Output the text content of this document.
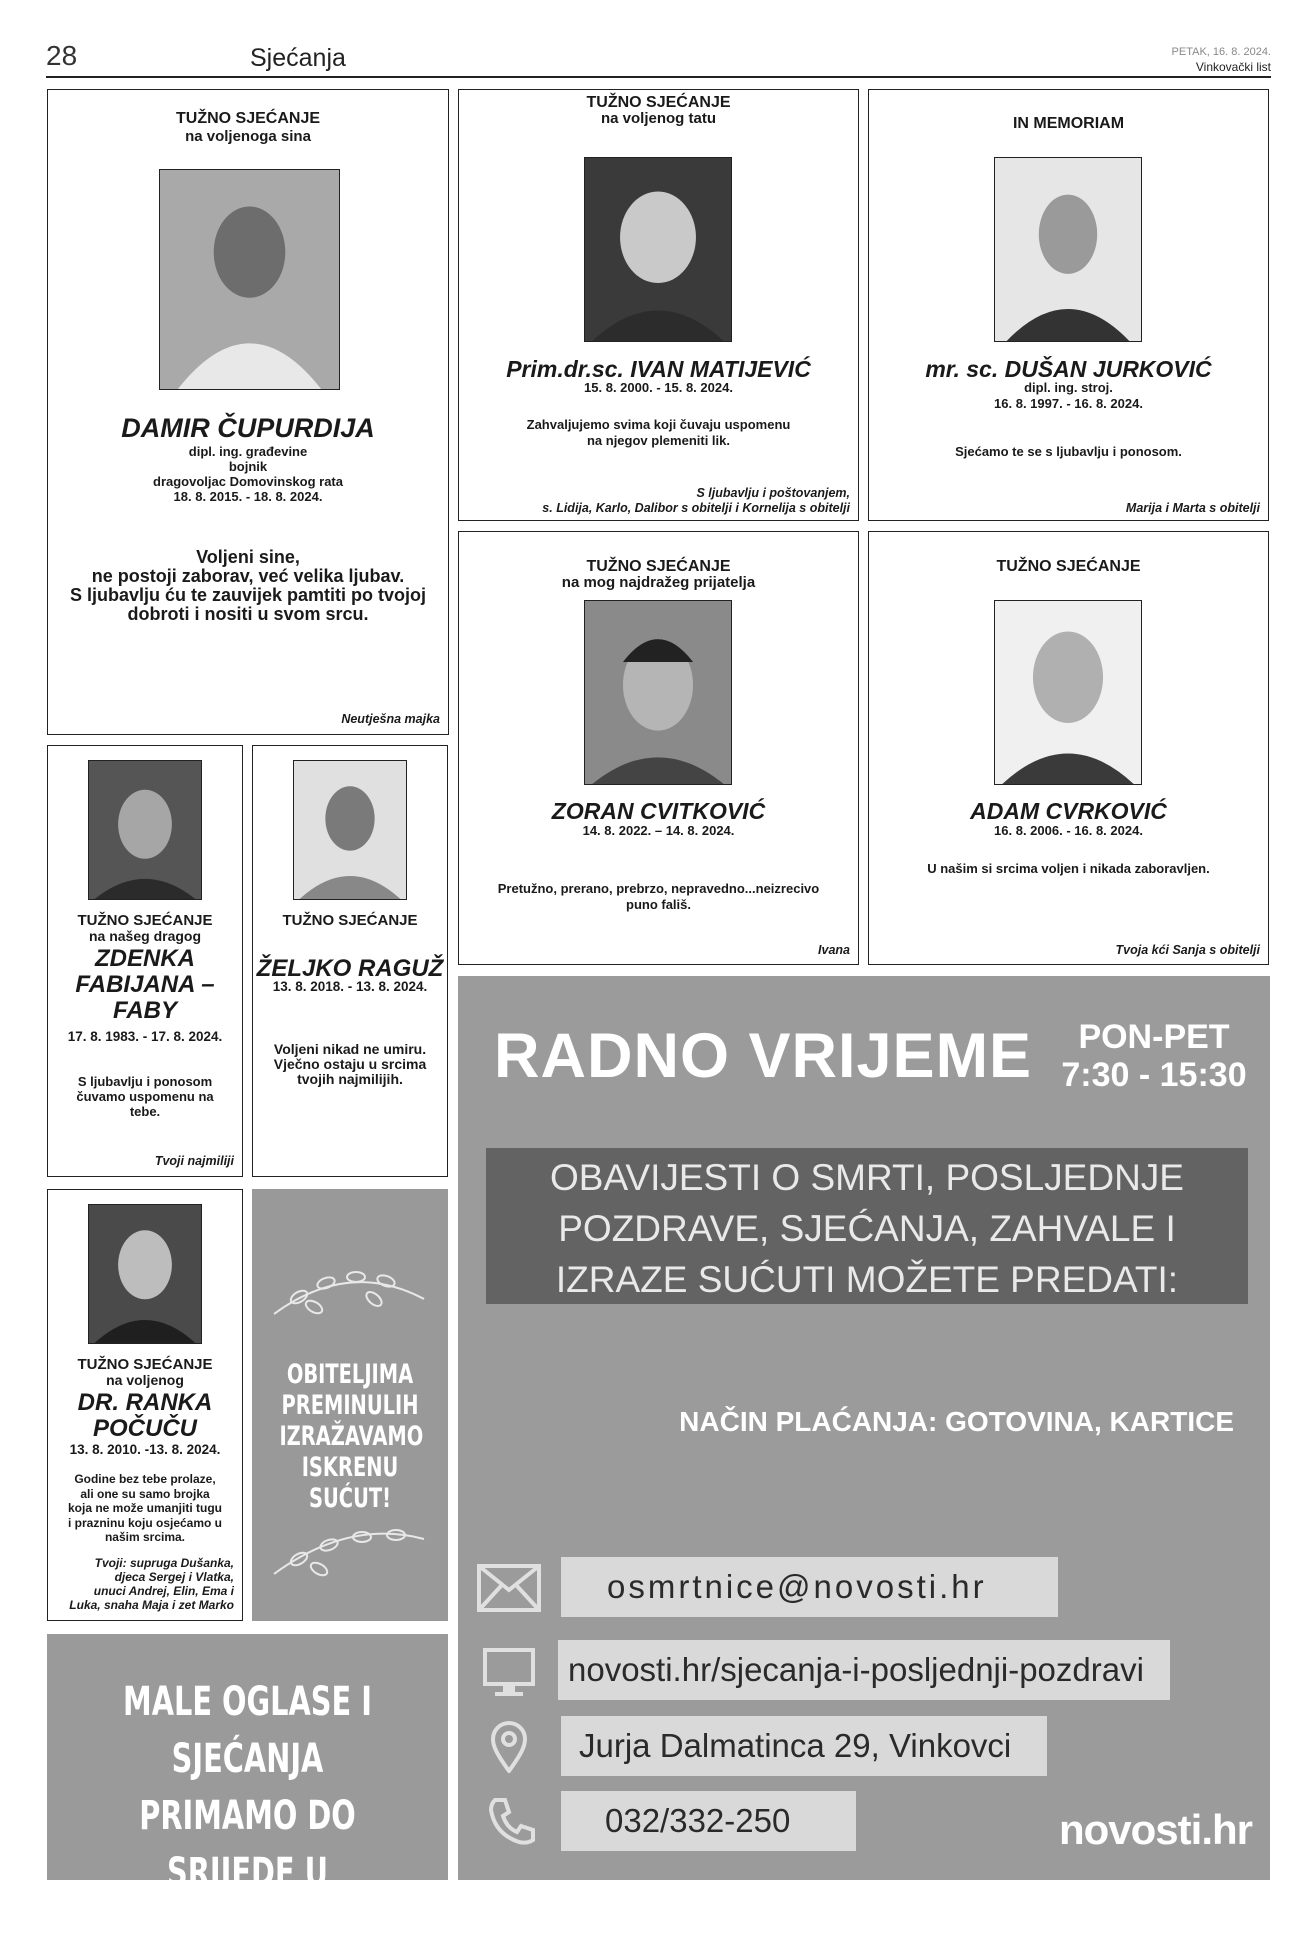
28	Sjećanja	PETAK, 16. 8. 2024.
Vinkovački list
TUŽNO SJEĆANJE
na voljenoga sina
DAMIR ČUPURDIJA
dipl. ing. građevine
bojnik
dragovoljac Domovinskog rata
18. 8. 2015. - 18. 8. 2024.
Voljeni sine,
ne postoji zaborav, već velika ljubav.
S ljubavlju ću te zauvijek pamtiti po tvojoj
dobroti i nositi u svom srcu.
Neutješna majka
TUŽNO SJEĆANJE
na voljenog tatu
Prim.dr.sc. IVAN MATIJEVIĆ
15. 8. 2000. - 15. 8. 2024.
Zahvaljujemo svima koji čuvaju uspomenu
na njegov plemeniti lik.
S ljubavlju i poštovanjem,
s. Lidija, Karlo, Dalibor s obitelji i Kornelija s obitelji
IN MEMORIAM
mr. sc. DUŠAN JURKOVIĆ
dipl. ing. stroj.
16. 8. 1997. - 16. 8. 2024.
Sjećamo te se s ljubavlju i ponosom.
Marija i Marta s obitelji
TUŽNO SJEĆANJE
na mog najdražeg prijatelja
ZORAN CVITKOVIĆ
14. 8. 2022. – 14. 8. 2024.
Pretužno, prerano, prebrzo, nepravedno...neizrecivo
puno fališ.
Ivana
TUŽNO SJEĆANJE
ADAM CVRKOVIĆ
16. 8. 2006. - 16. 8. 2024.
U našim si srcima voljen i nikada zaboravljen.
Tvoja kći Sanja s obitelji
TUŽNO SJEĆANJE
na našeg dragog
ZDENKA
FABIJANA –
FABY
17. 8. 1983. - 17. 8. 2024.
S ljubavlju i ponosom
čuvamo uspomenu na
tebe.
Tvoji najmiliji
TUŽNO SJEĆANJE
ŽELJKO RAGUŽ
13. 8. 2018. - 13. 8. 2024.
Voljeni nikad ne umiru.
Vječno ostaju u srcima
tvojih najmilijih.
TUŽNO SJEĆANJE
na voljenog
DR. RANKA
POČUČU
13. 8. 2010. -13. 8. 2024.
Godine bez tebe prolaze,
ali one su samo brojka
koja ne može umanjiti tugu
i prazninu koju osjećamo u
našim srcima.
Tvoji: supruga Dušanka,
djeca Sergej i Vlatka,
unuci Andrej, Elin, Ema i
Luka, snaha Maja i zet Marko
OBITELJIMA
PREMINULIH
IZRAŽAVAMO
ISKRENU
SUĆUT!
MALE OGLASE I SJEĆANJA
PRIMAMO DO SRIJEDE U
10 SATI
RADNO VRIJEME	PON-PET
7:30 - 15:30
OBAVIJESTI O SMRTI, POSLJEDNJE
POZDRAVE, SJEĆANJA, ZAHVALE I
IZRAZE SUĆUTI MOŽETE PREDATI:
NAČIN PLAĆANJA: GOTOVINA, KARTICE
osmrtnice@novosti.hr
novosti.hr/sjecanja-i-posljednji-pozdravi
Jurja Dalmatinca 29, Vinkovci
032/332-250	novosti.hr
